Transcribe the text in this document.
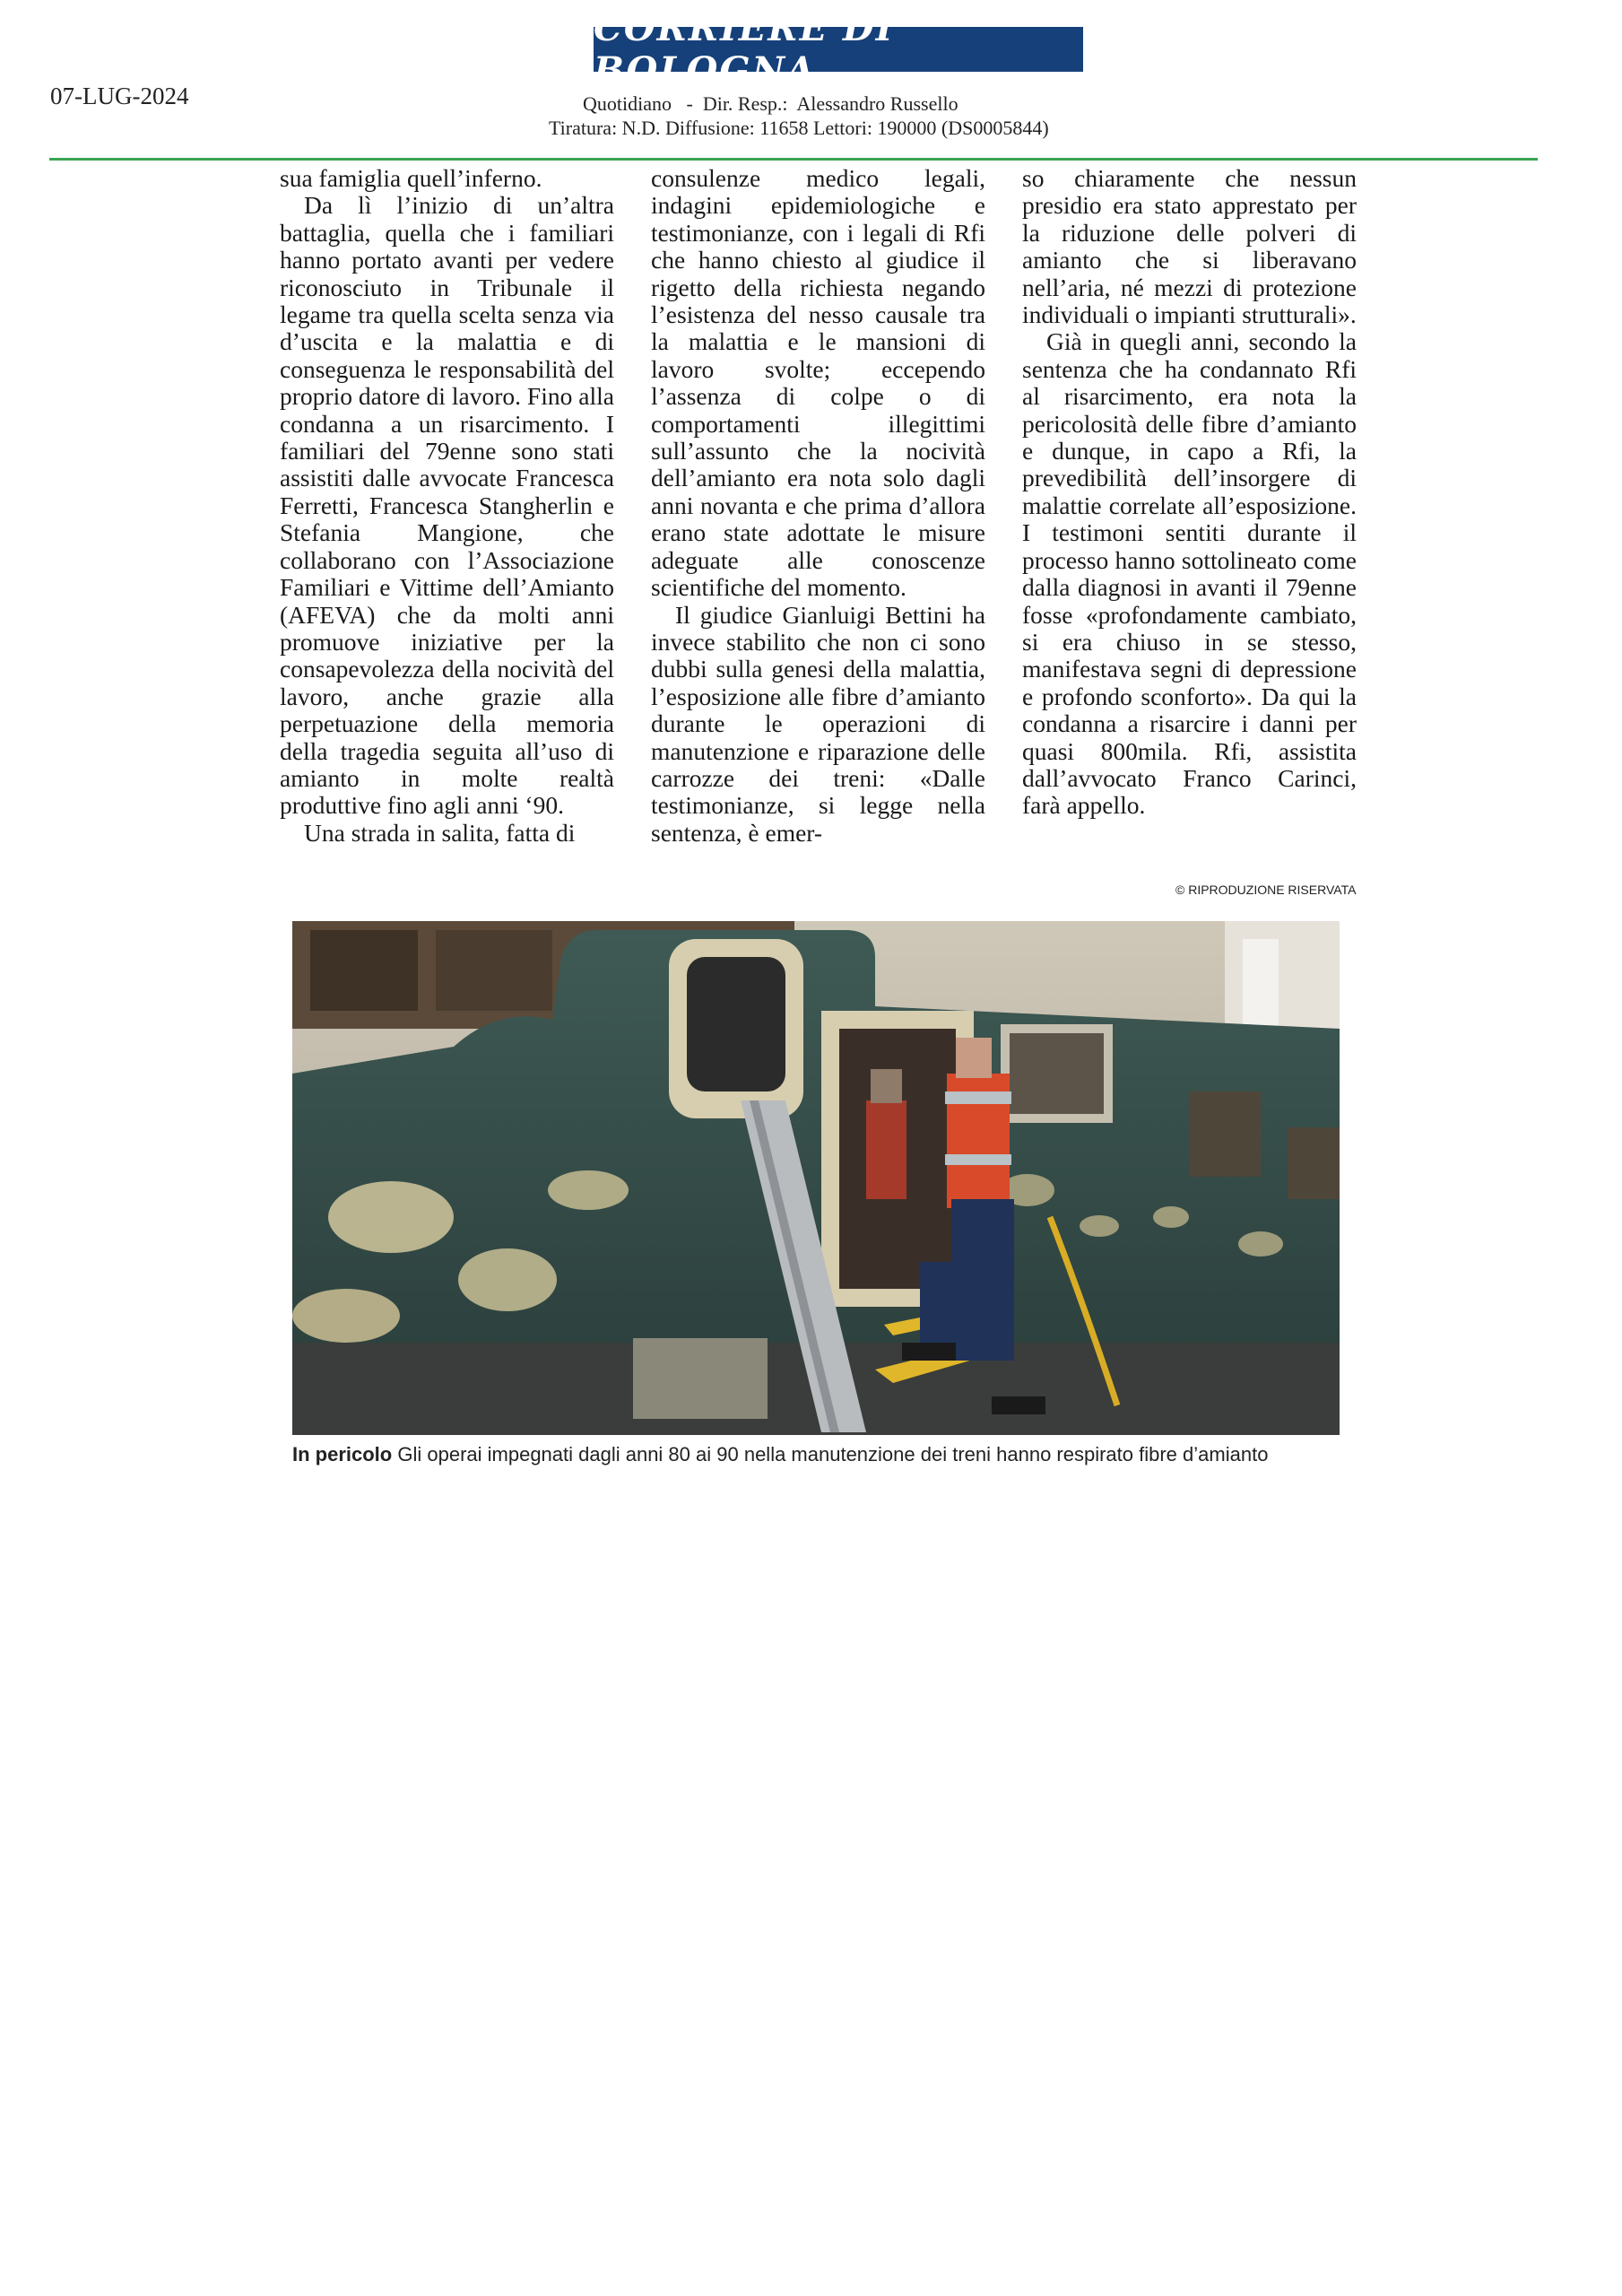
07-LUG-2024
CORRIERE DI BOLOGNA
Quotidiano   -  Dir. Resp.:  Alessandro Russello
Tiratura: N.D. Diffusione: 11658 Lettori: 190000 (DS0005844)

sua famiglia quell’inferno.

Da lì l’inizio di un’altra battaglia, quella che i familiari hanno portato avanti per vedere riconosciuto in Tribunale il legame tra quella scelta senza via d’uscita e la malattia e di conseguenza le responsabilità del proprio datore di lavoro. Fino alla condanna a un risarcimento. I familiari del 79enne sono stati assistiti dalle avvocate Francesca Ferretti, Francesca Stangherlin e Stefania Mangione, che collaborano con l’Associazione Familiari e Vittime dell’Amianto (AFEVA) che da molti anni promuove iniziative per la consapevolezza della nocività del lavoro, anche grazie alla perpetuazione della memoria della tragedia seguita all’uso di amianto in molte realtà produttive fino agli anni ‘90.

Una strada in salita, fatta di

consulenze medico legali, indagini epidemiologiche e testimonianze, con i legali di Rfi che hanno chiesto al giudice il rigetto della richiesta negando l’esistenza del nesso causale tra la malattia e le mansioni di lavoro svolte; eccependo l’assenza di colpe o di comportamenti illegittimi sull’assunto che la nocività dell’amianto era nota solo dagli anni novanta e che prima d’allora erano state adottate le misure adeguate alle conoscenze scientifiche del momento.

Il giudice Gianluigi Bettini ha invece stabilito che non ci sono dubbi sulla genesi della malattia, l’esposizione alle fibre d’amianto durante le operazioni di manutenzione e riparazione delle carrozze dei treni: «Dalle testimonianze, si legge nella sentenza, è emer-

so chiaramente che nessun presidio era stato apprestato per la riduzione delle polveri di amianto che si liberavano nell’aria, né mezzi di protezione individuali o impianti strutturali».

Già in quegli anni, secondo la sentenza che ha condannato Rfi al risarcimento, era nota la pericolosità delle fibre d’amianto e dunque, in capo a Rfi, la prevedibilità dell’insorgere di malattie correlate all’esposizione. I testimoni sentiti durante il processo hanno sottolineato come dalla diagnosi in avanti il 79enne fosse «profondamente cambiato, si era chiuso in se stesso, manifestava segni di depressione e profondo sconforto». Da qui la condanna a risarcire i danni per quasi 800mila. Rfi, assistita dall’avvocato Franco Carinci, farà appello.

© RIPRODUZIONE RISERVATA
In pericolo Gli operai impegnati dagli anni 80 ai 90 nella manutenzione dei treni hanno respirato fibre d’amianto
